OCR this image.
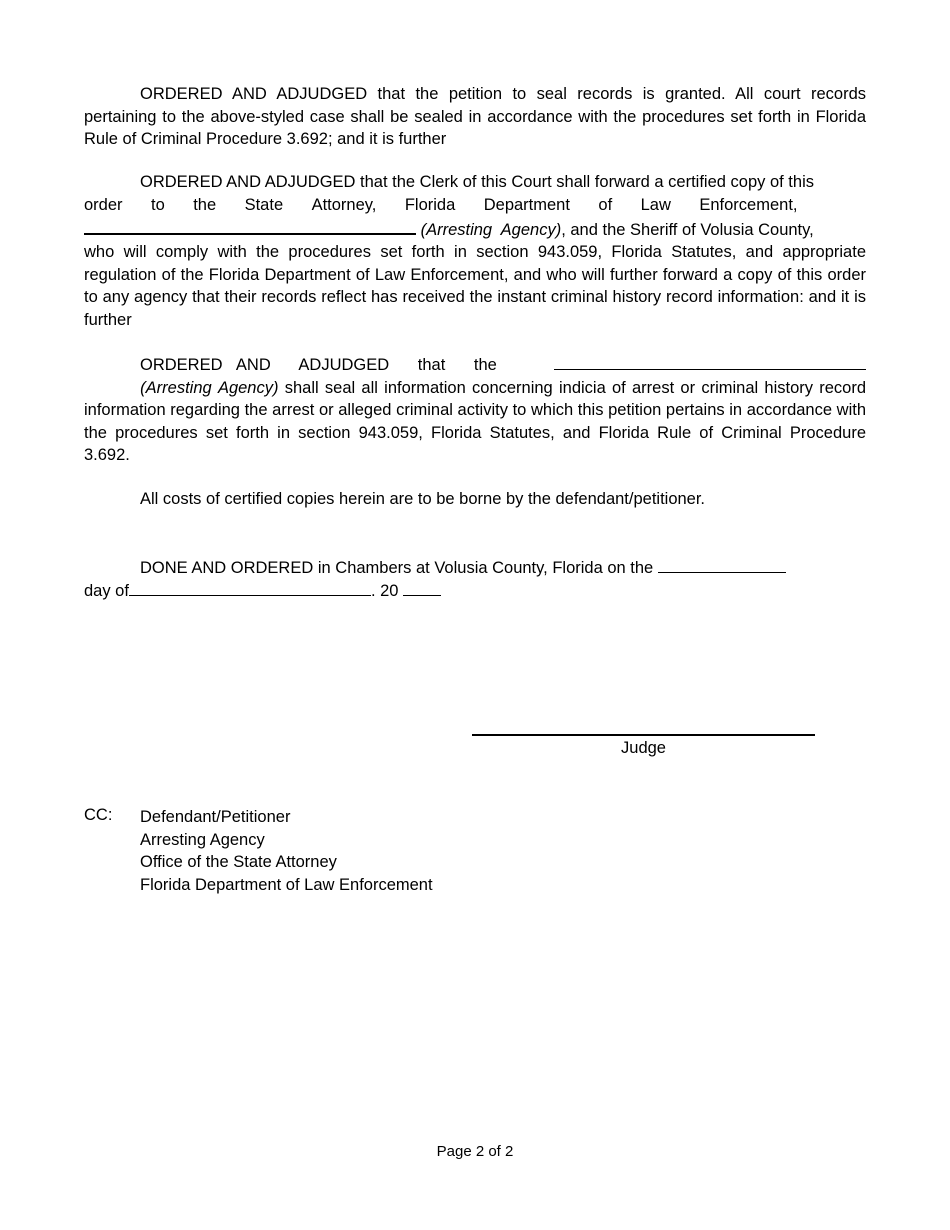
ORDERED AND ADJUDGED that the petition to seal records is granted. All court records pertaining to the above-styled case shall be sealed in accordance with the procedures set forth in Florida Rule of Criminal Procedure 3.692; and it is further

ORDERED AND ADJUDGED that the Clerk of this Court shall forward a certified copy of this
order to the State Attorney, Florida Department of Law Enforcement,
(Arresting  Agency), and the Sheriff of Volusia County,

who will comply with the procedures set forth in section 943.059, Florida Statutes, and appropriate regulation of the Florida Department of Law Enforcement, and who will further forward a copy of this order to any agency that their records reflect has received the instant criminal history record information: and it is further

ORDERED AND  ADJUDGED  that  the             (Arresting Agency) shall seal all information concerning indicia of arrest or criminal history record information regarding the arrest or alleged criminal activity to which this petition pertains in accordance with the procedures set forth in section 943.059, Florida Statutes, and Florida Rule of Criminal Procedure 3.692.

All costs of certified copies herein are to be borne by the defendant/petitioner.
DONE AND ORDERED in Chambers at Volusia County, Florida on the
day of	. 20
Judge
CC: Defendant/Petitioner
Arresting Agency
Office of the State Attorney
Florida Department of Law Enforcement
Page 2 of 2
